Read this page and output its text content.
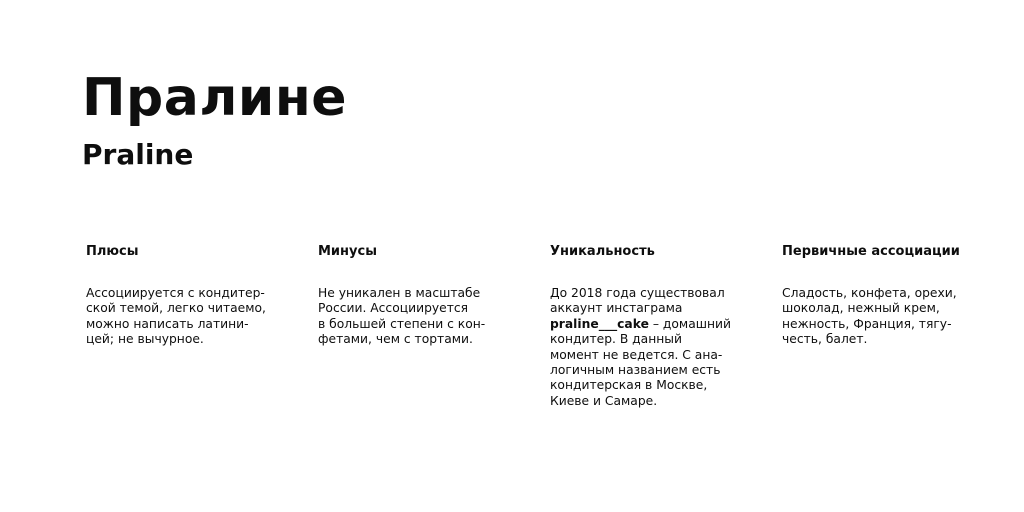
Пралине
Praline
Плюсы

Ассоциируется с кондитер-
ской темой, легко читаемо,
можно написать латини-
цей; не вычурное.

Минусы

Не уникален в масштабе
России. Ассоциируется
в большей степени с кон-
фетами, чем с тортами.

Уникальность

До 2018 года существовал
аккаунт инстаграма
praline___cake – домашний
кондитер. В данный
момент не ведется. С ана-
логичным названием есть
кондитерская в Москве,
Киеве и Самаре.

Первичные ассоциации

Сладость, конфета, орехи,
шоколад, нежный крем,
нежность, Франция, тягу-
честь, балет.
